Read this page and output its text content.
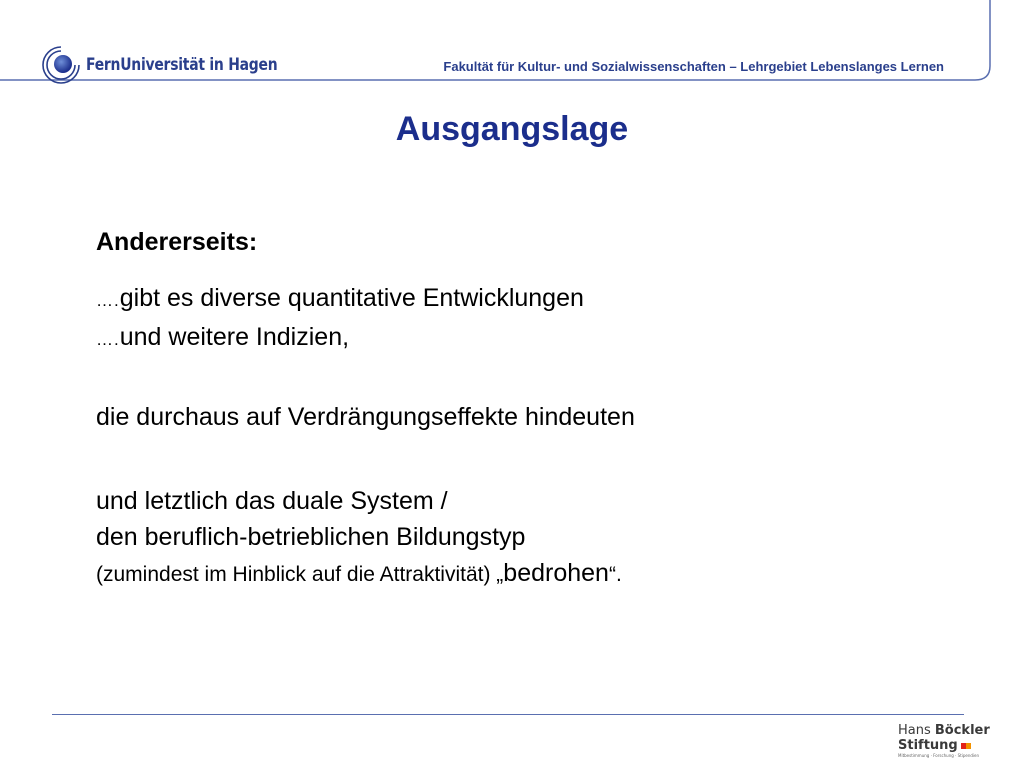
FernUniversität in Hagen	Fakultät für Kultur- und Sozialwissenschaften – Lehrgebiet Lebenslanges Lernen
Ausgangslage
Andererseits:
….gibt es diverse quantitative Entwicklungen
….und weitere Indizien,
die durchaus auf Verdrängungseffekte hindeuten
und letztlich das duale System /
den beruflich-betrieblichen Bildungstyp
(zumindest im Hinblick auf die Attraktivität) „bedrohen“.
Hans Böckler
Stiftung
Mitbestimmung · Forschung · Stipendien
